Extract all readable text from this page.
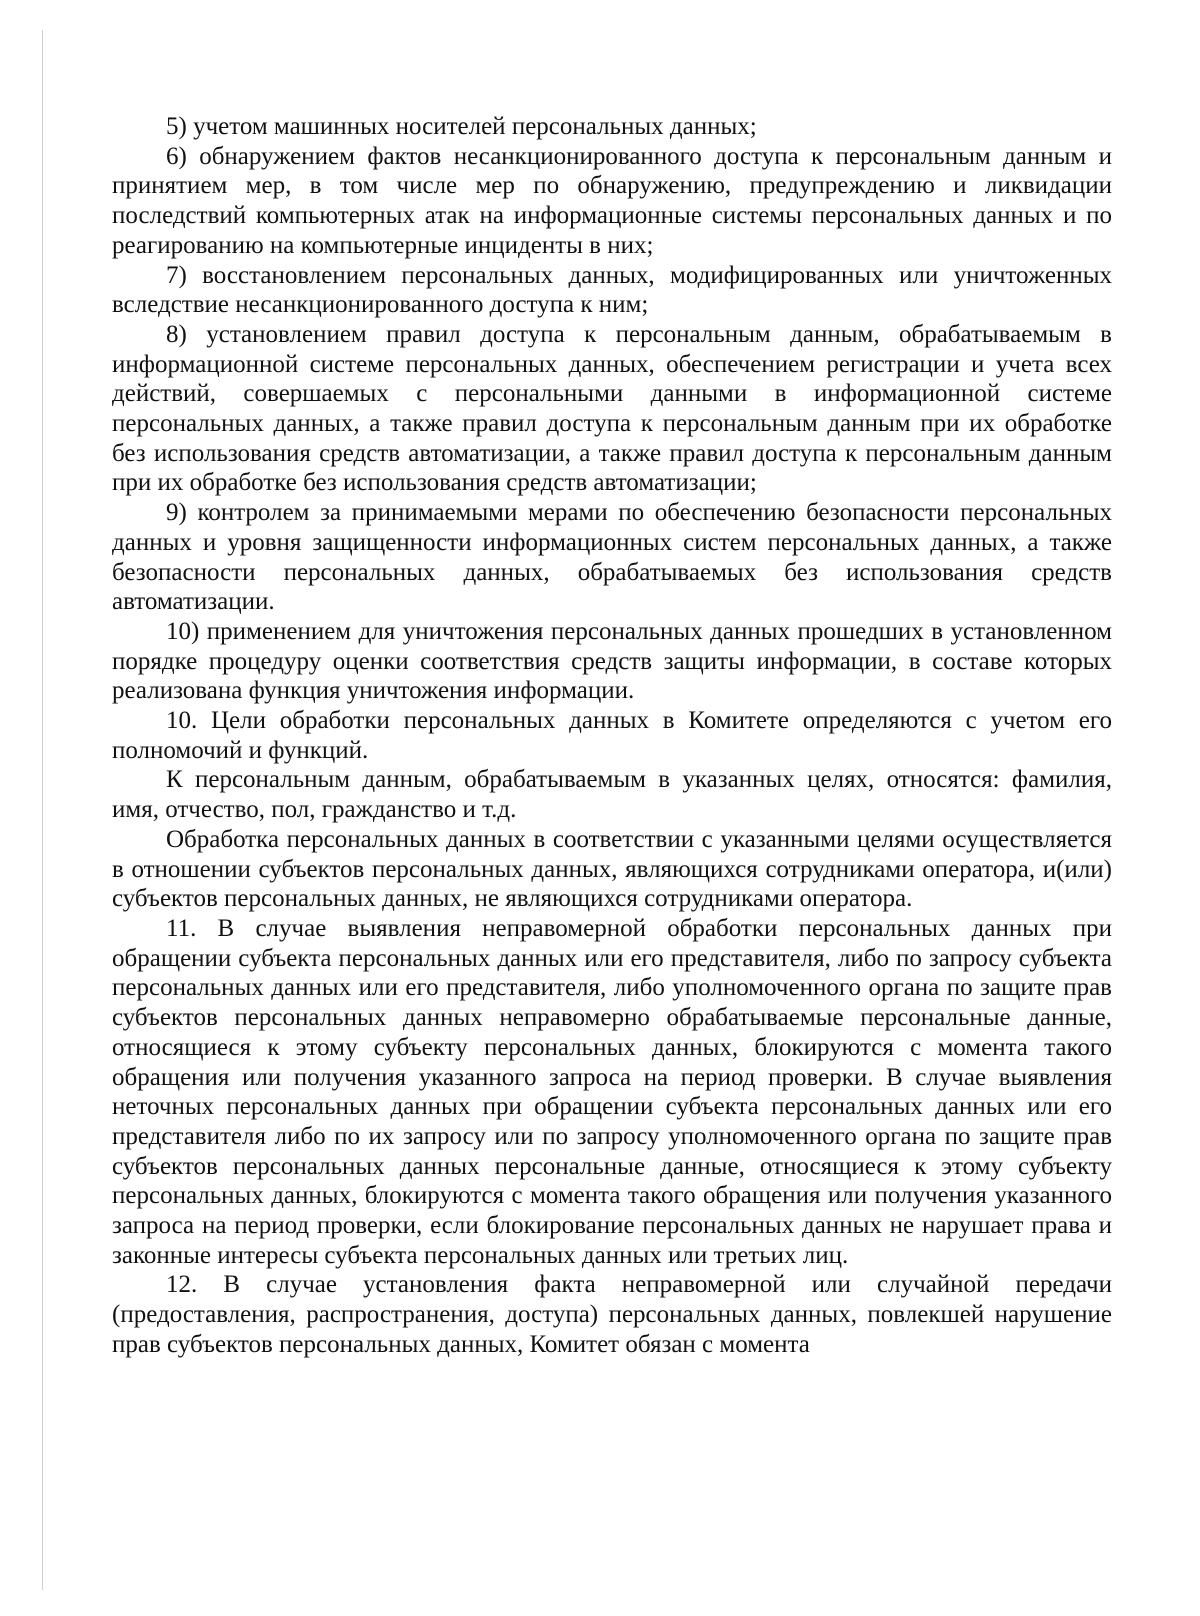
5) учетом машинных носителей персональных данных;

6) обнаружением фактов несанкционированного доступа к персональным данным и принятием мер, в том числе мер по обнаружению, предупреждению и ликвидации последствий компьютерных атак на информационные системы персональных данных и по реагированию на компьютерные инциденты в них;

7) восстановлением персональных данных, модифицированных или уничтоженных вследствие несанкционированного доступа к ним;

8) установлением правил доступа к персональным данным, обрабатываемым в информационной системе персональных данных, обеспечением регистрации и учета всех действий, совершаемых с персональными данными в информационной системе персональных данных, а также правил доступа к персональным данным при их обработке без использования средств автоматизации, а также правил доступа к персональным данным при их обработке без использования средств автоматизации;

9) контролем за принимаемыми мерами по обеспечению безопасности персональных данных и уровня защищенности информационных систем персональных данных, а также безопасности персональных данных, обрабатываемых без использования средств автоматизации.

10) применением для уничтожения персональных данных прошедших в установленном порядке процедуру оценки соответствия средств защиты информации, в составе которых реализована функция уничтожения информации.

10. Цели обработки персональных данных в Комитете определяются с учетом его полномочий и функций.

К персональным данным, обрабатываемым в указанных целях, относятся: фамилия, имя, отчество, пол, гражданство и т.д.

Обработка персональных данных в соответствии с указанными целями осуществляется в отношении субъектов персональных данных, являющихся сотрудниками оператора, и(или) субъектов персональных данных, не являющихся сотрудниками оператора.

11. В случае выявления неправомерной обработки персональных данных при обращении субъекта персональных данных или его представителя, либо по запросу субъекта персональных данных или его представителя, либо уполномоченного органа по защите прав субъектов персональных данных неправомерно обрабатываемые персональные данные, относящиеся к этому субъекту персональных данных, блокируются с момента такого обращения или получения указанного запроса на период проверки. В случае выявления неточных персональных данных при обращении субъекта персональных данных или его представителя либо по их запросу или по запросу уполномоченного органа по защите прав субъектов персональных данных персональные данные, относящиеся к этому субъекту персональных данных, блокируются с момента такого обращения или получения указанного запроса на период проверки, если блокирование персональных данных не нарушает права и законные интересы субъекта персональных данных или третьих лиц.

12. В случае установления факта неправомерной или случайной передачи (предоставления, распространения, доступа) персональных данных, повлекшей нарушение прав субъектов персональных данных, Комитет обязан с момента
